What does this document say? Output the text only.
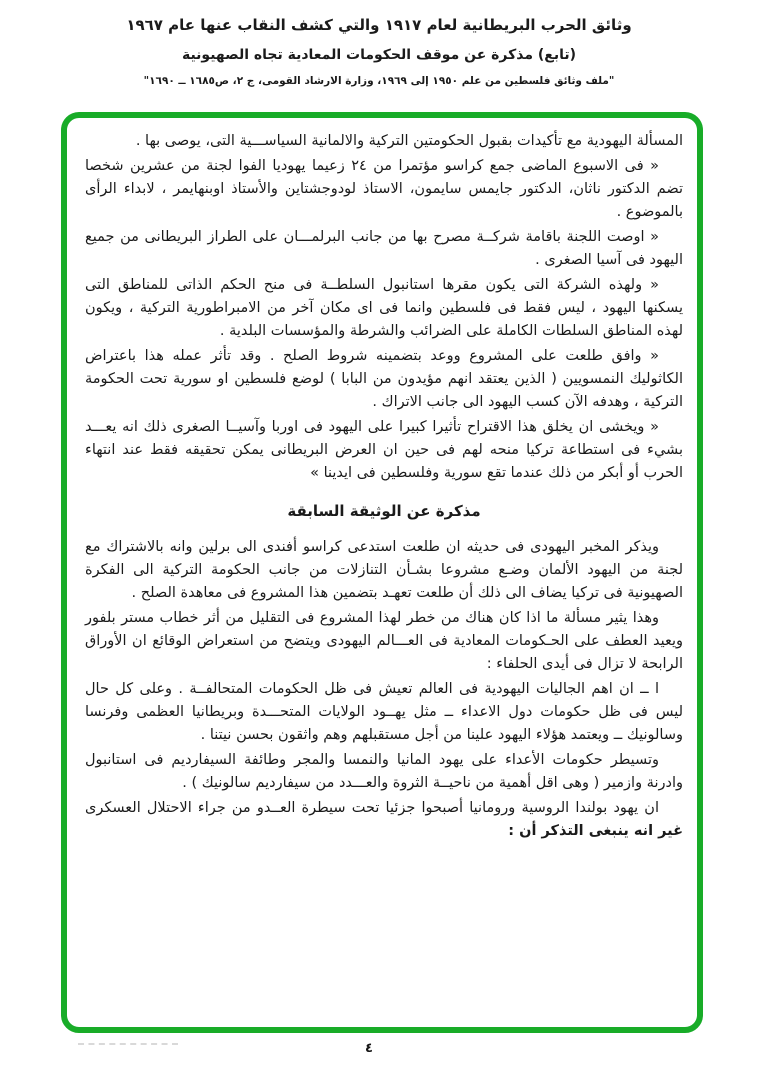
وثائق الحرب البريطانية لعام ١٩١٧ والتي كشف النقاب عنها عام ١٩٦٧
(تابع) مذكرة عن موقف الحكومات المعادية تجاه الصهيونية
"ملف وثائق فلسطين من علم ١٩٥٠ إلى ١٩٦٩، وزارة الارشاد القومى، ج ٢، ص١٦٨٥ ــ ١٦٩٠"

المسألة اليهودية مع تأكيدات بقبول الحكومتين التركية والالمانية السياســـية التى، يوصى بها .

« فى الاسبوع الماضى جمع كراسو مؤتمرا من ٢٤ زعيما يهوديا الفوا لجنة من عشرين شخصا تضم الدكتور ناثان، الدكتور جايمس سايمون، الاستاذ لودوجشتاين والأستاذ اوبنهايمر ، لابداء الرأى بالموضوع .

« اوصت اللجنة باقامة شركــة مصرح بها من جانب البرلمـــان على الطراز البريطانى من جميع اليهود فى آسيا الصغرى .

« ولهذه الشركة التى يكون مقرها استانبول السلطــة فى منح الحكم الذاتى للمناطق التى يسكنها اليهود ، ليس فقط فى فلسطين وانما فى اى مكان آخر من الامبراطورية التركية ، ويكون لهذه المناطق السلطات الكاملة على الضرائب والشرطة والمؤسسات البلدية .

« وافق طلعت على المشروع ووعد بتضمينه شروط الصلح . وقد تأثر عمله هذا باعتراض الكاثوليك النمسويين ( الذين يعتقد انهم مؤيدون من البابا ) لوضع فلسطين او سورية تحت الحكومة التركية ، وهدفه الآن كسب اليهود الى جانب الاتراك .

« ويخشى ان يخلق هذا الاقتراح تأثيرا كبيرا على اليهود فى اوربا وآسيــا الصغرى ذلك انه يعـــد بشيء فى استطاعة تركيا منحه لهم فى حين ان العرض البريطانى يمكن تحقيقه فقط عند انتهاء الحرب أو أبكر من ذلك عندما تقع سورية وفلسطين فى ايدينا »

مذكرة عن الوثيقة السابقة

ويذكر المخبر اليهودى فى حديثه ان طلعت استدعى كراسو أفندى الى برلين وانه بالاشتراك مع لجنة من اليهود الألمان وضـع مشروعا بشـأن التنازلات من جانب الحكومة التركية الى الفكرة الصهيونية فى تركيا يضاف الى ذلك أن طلعت تعهـد بتضمين هذا المشروع فى معاهدة الصلح .

وهذا يثير مسألة ما اذا كان هناك من خطر لهذا المشروع فى التقليل من أثر خطاب مستر بلفور ويعيد العطف على الحـكومات المعادية فى العـــالم اليهودى ويتضح من استعراض الوقائع ان الأوراق الرابحة لا تزال فى أيدى الحلفاء :

ا ــ ان اهم الجاليات اليهودية فى العالم تعيش فى ظل الحكومات المتحالفــة . وعلى كل حال ليس فى ظل حكومات دول الاعداء ــ مثل يهــود الولايات المتحـــدة وبريطانيا العظمى وفرنسا وسالونيك ــ ويعتمد هؤلاء اليهود علينا من أجل مستقبلهم وهم واثقون بحسن نيتنا .

وتسيطر حكومات الأعداء على يهود المانيا والنمسا والمجر وطائفة السيفارديم فى استانبول وادرنة وازمير ( وهى اقل أهمية من ناحيــة الثروة والعـــدد من سيفارديم سالونيك ) .

ان يهود بولندا الروسية ورومانيا أصبحوا جزئيا تحت سيطرة العــدو من جراء الاحتلال العسكرى غير انه ينبغى التذكر أن :

٤
